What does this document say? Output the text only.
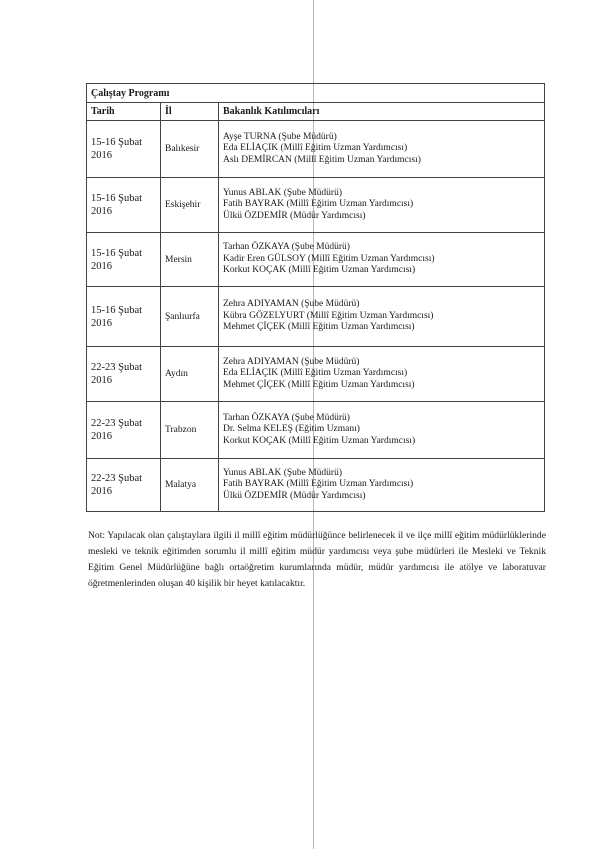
Çalıştay Programı		
Tarih	İl	Bakanlık Katılımcıları

15-16 Şubat
2016	Balıkesir	Ayşe TURNA (Şube Müdürü)
Eda ELİAÇIK (Millî Eğitim Uzman Yardımcısı)
Aslı DEMİRCAN (Millî Eğitim Uzman Yardımcısı)

15-16 Şubat
2016	Eskişehir	Yunus ABLAK (Şube Müdürü)
Fatih BAYRAK (Millî Eğitim Uzman Yardımcısı)
Ülkü ÖZDEMİR (Müdür Yardımcısı)

15-16 Şubat
2016	Mersin	Tarhan ÖZKAYA (Şube Müdürü)
Kadir Eren GÜLSOY (Millî Eğitim Uzman Yardımcısı)
Korkut KOÇAK (Millî Eğitim Uzman Yardımcısı)

15-16 Şubat
2016	Şanlıurfa	Zehra ADIYAMAN (Şube Müdürü)
Kübra GÖZELYURT (Millî Eğitim Uzman Yardımcısı)
Mehmet ÇİÇEK (Millî Eğitim Uzman Yardımcısı)

22-23 Şubat
2016	Aydın	Zehra ADIYAMAN (Şube Müdürü)
Eda ELİAÇIK (Millî Eğitim Uzman Yardımcısı)
Mehmet ÇİÇEK (Millî Eğitim Uzman Yardımcısı)

22-23 Şubat
2016	Trabzon	Tarhan ÖZKAYA (Şube Müdürü)
Dr. Selma KELEŞ (Eğitim Uzmanı)
Korkut KOÇAK (Millî Eğitim Uzman Yardımcısı)

22-23 Şubat
2016	Malatya	Yunus ABLAK (Şube Müdürü)
Fatih BAYRAK (Millî Eğitim Uzman Yardımcısı)
Ülkü ÖZDEMİR (Müdür Yardımcısı)

Not: Yapılacak olan çalıştaylara ilgili il millî eğitim müdürlüğünce belirlenecek il ve ilçe millî eğitim müdürlüklerinde mesleki ve teknik eğitimden sorumlu il millî eğitim müdür yardımcısı veya şube müdürleri ile Mesleki ve Teknik Eğitim Genel Müdürlüğüne bağlı ortaöğretim kurumlarında müdür, müdür yardımcısı ile atölye ve laboratuvar öğretmenlerinden oluşan 40 kişilik bir heyet katılacaktır.
